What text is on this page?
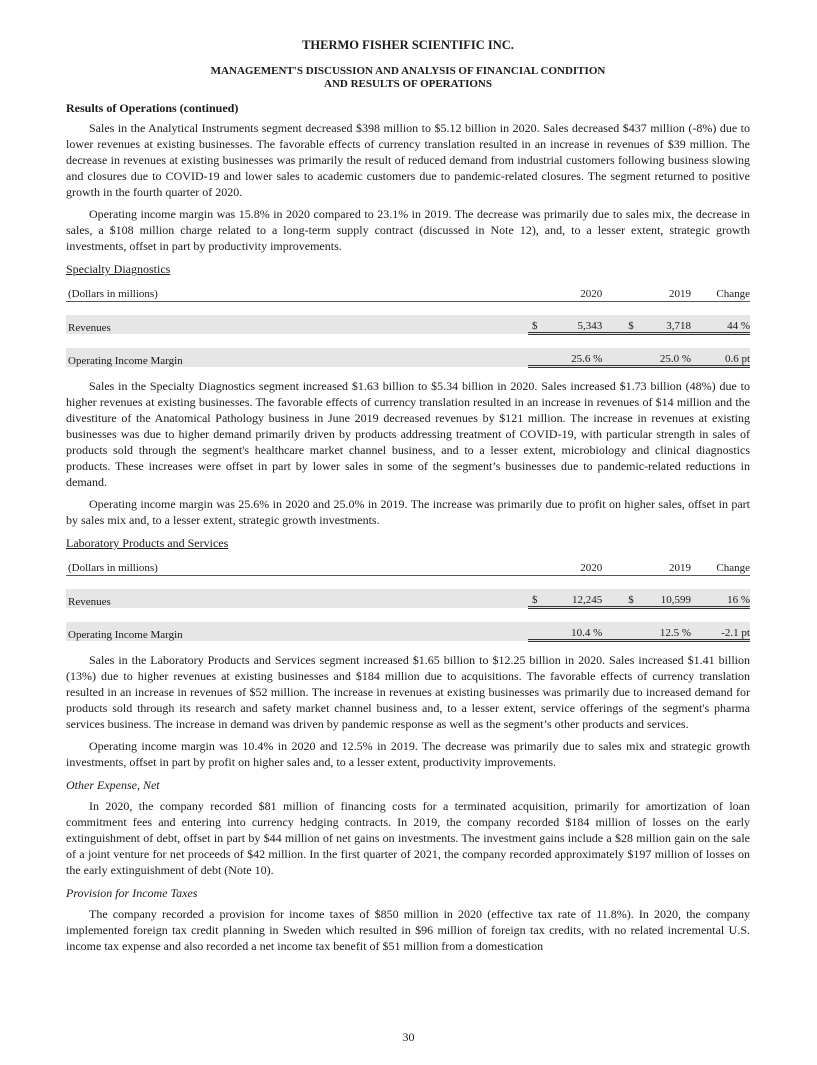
THERMO FISHER SCIENTIFIC INC.
MANAGEMENT'S DISCUSSION AND ANALYSIS OF FINANCIAL CONDITION
AND RESULTS OF OPERATIONS
Results of Operations (continued)

Sales in the Analytical Instruments segment decreased $398 million to $5.12 billion in 2020. Sales decreased $437 million (-8%) due to lower revenues at existing businesses. The favorable effects of currency translation resulted in an increase in revenues of $39 million. The decrease in revenues at existing businesses was primarily the result of reduced demand from industrial customers following business slowing and closures due to COVID-19 and lower sales to academic customers due to pandemic-related closures. The segment returned to positive growth in the fourth quarter of 2020.

Operating income margin was 15.8% in 2020 compared to 23.1% in 2019. The decrease was primarily due to sales mix, the decrease in sales, a $108 million charge related to a long-term supply contract (discussed in Note 12), and, to a lesser extent, strategic growth investments, offset in part by productivity improvements.

Specialty Diagnostics
(Dollars in millions)	2020		2019		Change

Revenues	$	5,343	$	3,718	44 %

Operating Income Margin	25.6 %		25.0 %		0.6 pt

Sales in the Specialty Diagnostics segment increased $1.63 billion to $5.34 billion in 2020. Sales increased $1.73 billion (48%) due to higher revenues at existing businesses. The favorable effects of currency translation resulted in an increase in revenues of $14 million and the divestiture of the Anatomical Pathology business in June 2019 decreased revenues by $121 million. The increase in revenues at existing businesses was due to higher demand primarily driven by products addressing treatment of COVID-19, with particular strength in sales of products sold through the segment's healthcare market channel business, and to a lesser extent, microbiology and clinical diagnostics products. These increases were offset in part by lower sales in some of the segment’s businesses due to pandemic-related reductions in demand.

Operating income margin was 25.6% in 2020 and 25.0% in 2019. The increase was primarily due to profit on higher sales, offset in part by sales mix and, to a lesser extent, strategic growth investments.

Laboratory Products and Services
(Dollars in millions)	2020		2019		Change

Revenues	$	12,245	$	10,599	16 %

Operating Income Margin	10.4 %		12.5 %		-2.1 pt

Sales in the Laboratory Products and Services segment increased $1.65 billion to $12.25 billion in 2020. Sales increased $1.41 billion (13%) due to higher revenues at existing businesses and $184 million due to acquisitions. The favorable effects of currency translation resulted in an increase in revenues of $52 million. The increase in revenues at existing businesses was primarily due to increased demand for products sold through its research and safety market channel business and, to a lesser extent, service offerings of the segment's pharma services business. The increase in demand was driven by pandemic response as well as the segment’s other products and services.

Operating income margin was 10.4% in 2020 and 12.5% in 2019. The decrease was primarily due to sales mix and strategic growth investments, offset in part by profit on higher sales and, to a lesser extent, productivity improvements.

Other Expense, Net

In 2020, the company recorded $81 million of financing costs for a terminated acquisition, primarily for amortization of loan commitment fees and entering into currency hedging contracts. In 2019, the company recorded $184 million of losses on the early extinguishment of debt, offset in part by $44 million of net gains on investments. The investment gains include a $28 million gain on the sale of a joint venture for net proceeds of $42 million. In the first quarter of 2021, the company recorded approximately $197 million of losses on the early extinguishment of debt (Note 10).

Provision for Income Taxes

The company recorded a provision for income taxes of $850 million in 2020 (effective tax rate of 11.8%). In 2020, the company implemented foreign tax credit planning in Sweden which resulted in $96 million of foreign tax credits, with no related incremental U.S. income tax expense and also recorded a net income tax benefit of $51 million from a domestication

30
